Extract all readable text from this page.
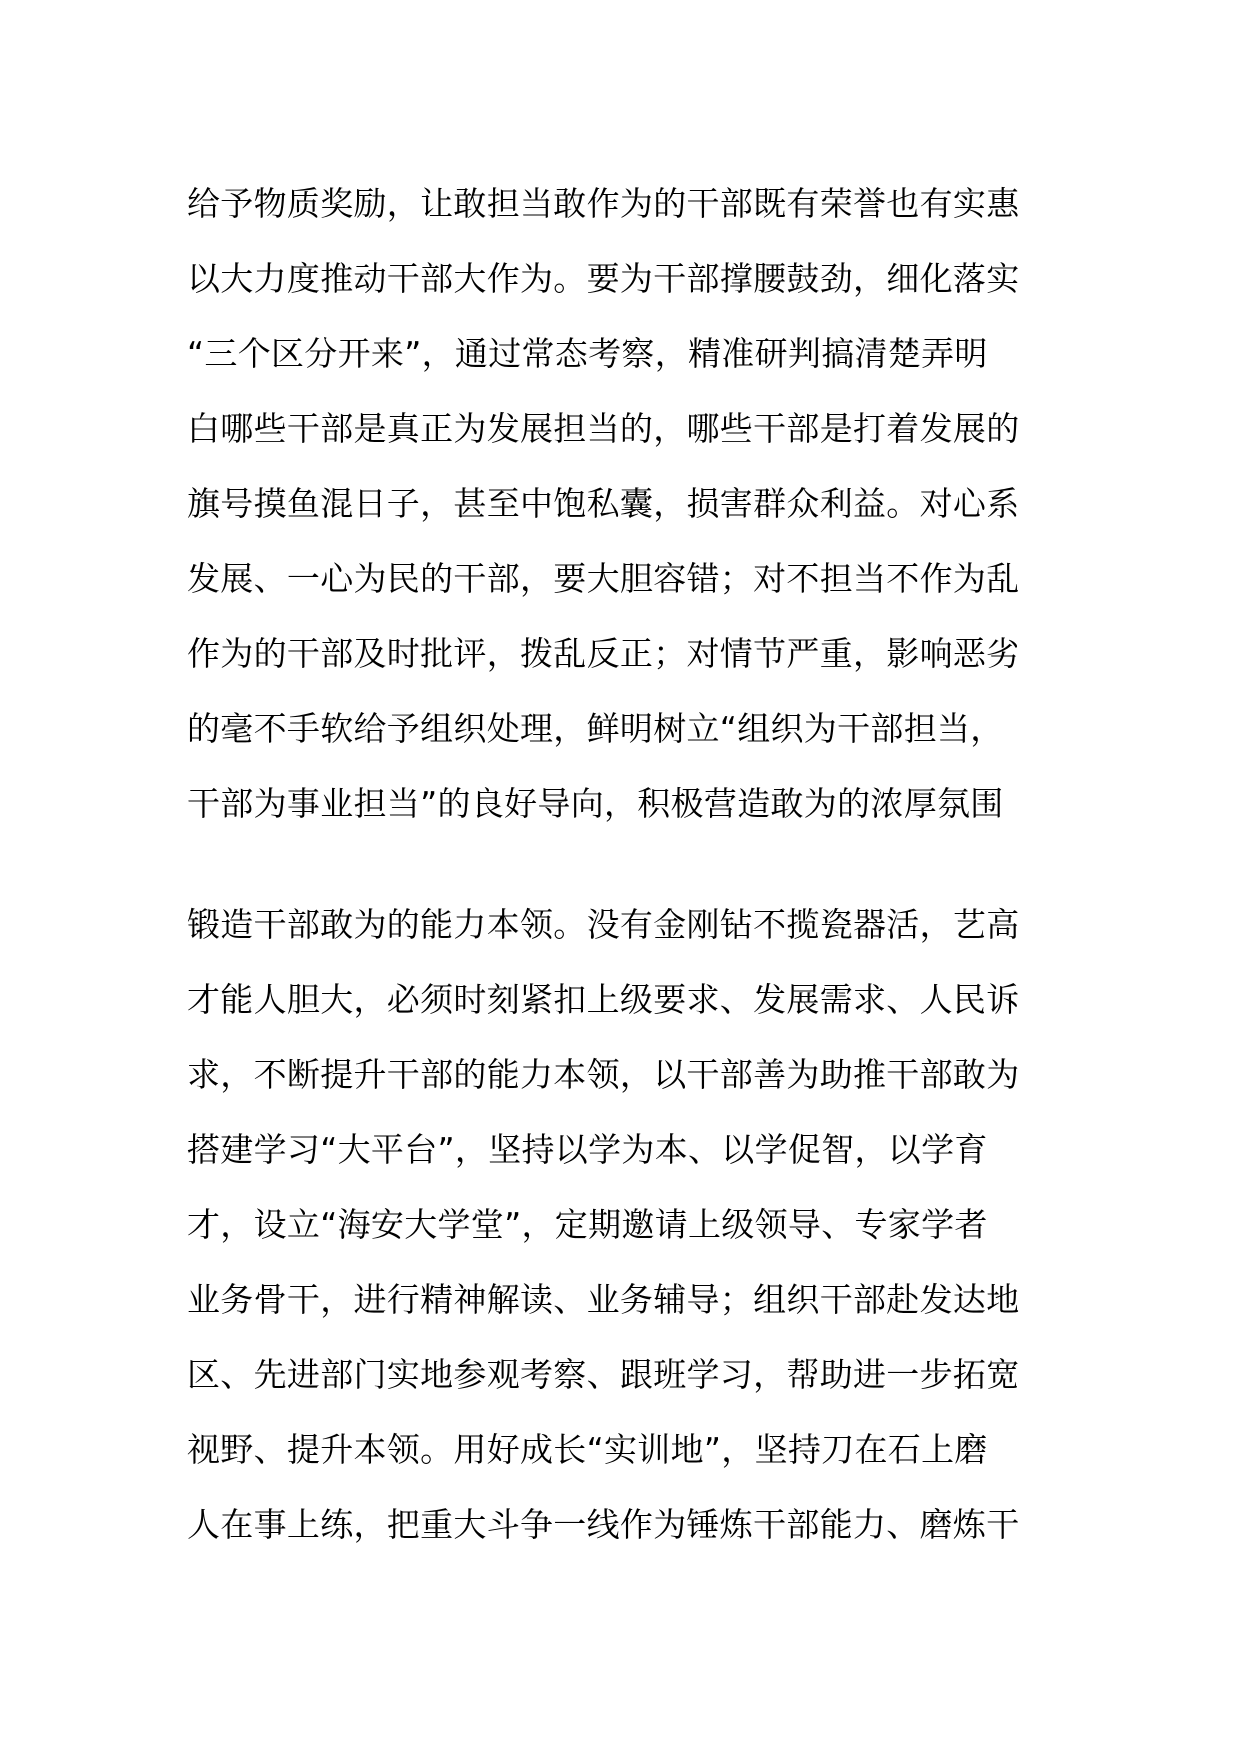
给予物质奖励，让敢担当敢作为的干部既有荣誉也有实惠
以大力度推动干部大作为。要为干部撑腰鼓劲，细化落实
“三个区分开来”，通过常态考察，精准研判搞清楚弄明
白哪些干部是真正为发展担当的，哪些干部是打着发展的
旗号摸鱼混日子，甚至中饱私囊，损害群众利益。对心系
发展、一心为民的干部，要大胆容错；对不担当不作为乱
作为的干部及时批评，拨乱反正；对情节严重，影响恶劣
的毫不手软给予组织处理，鲜明树立“组织为干部担当，
干部为事业担当”的良好导向，积极营造敢为的浓厚氛围
锻造干部敢为的能力本领。没有金刚钻不揽瓷器活，艺高
才能人胆大，必须时刻紧扣上级要求、发展需求、人民诉
求，不断提升干部的能力本领，以干部善为助推干部敢为
搭建学习“大平台”，坚持以学为本、以学促智，以学育
才，设立“海安大学堂”，定期邀请上级领导、专家学者
业务骨干，进行精神解读、业务辅导；组织干部赴发达地
区、先进部门实地参观考察、跟班学习，帮助进一步拓宽
视野、提升本领。用好成长“实训地”，坚持刀在石上磨
人在事上练，把重大斗争一线作为锤炼干部能力、磨炼干
